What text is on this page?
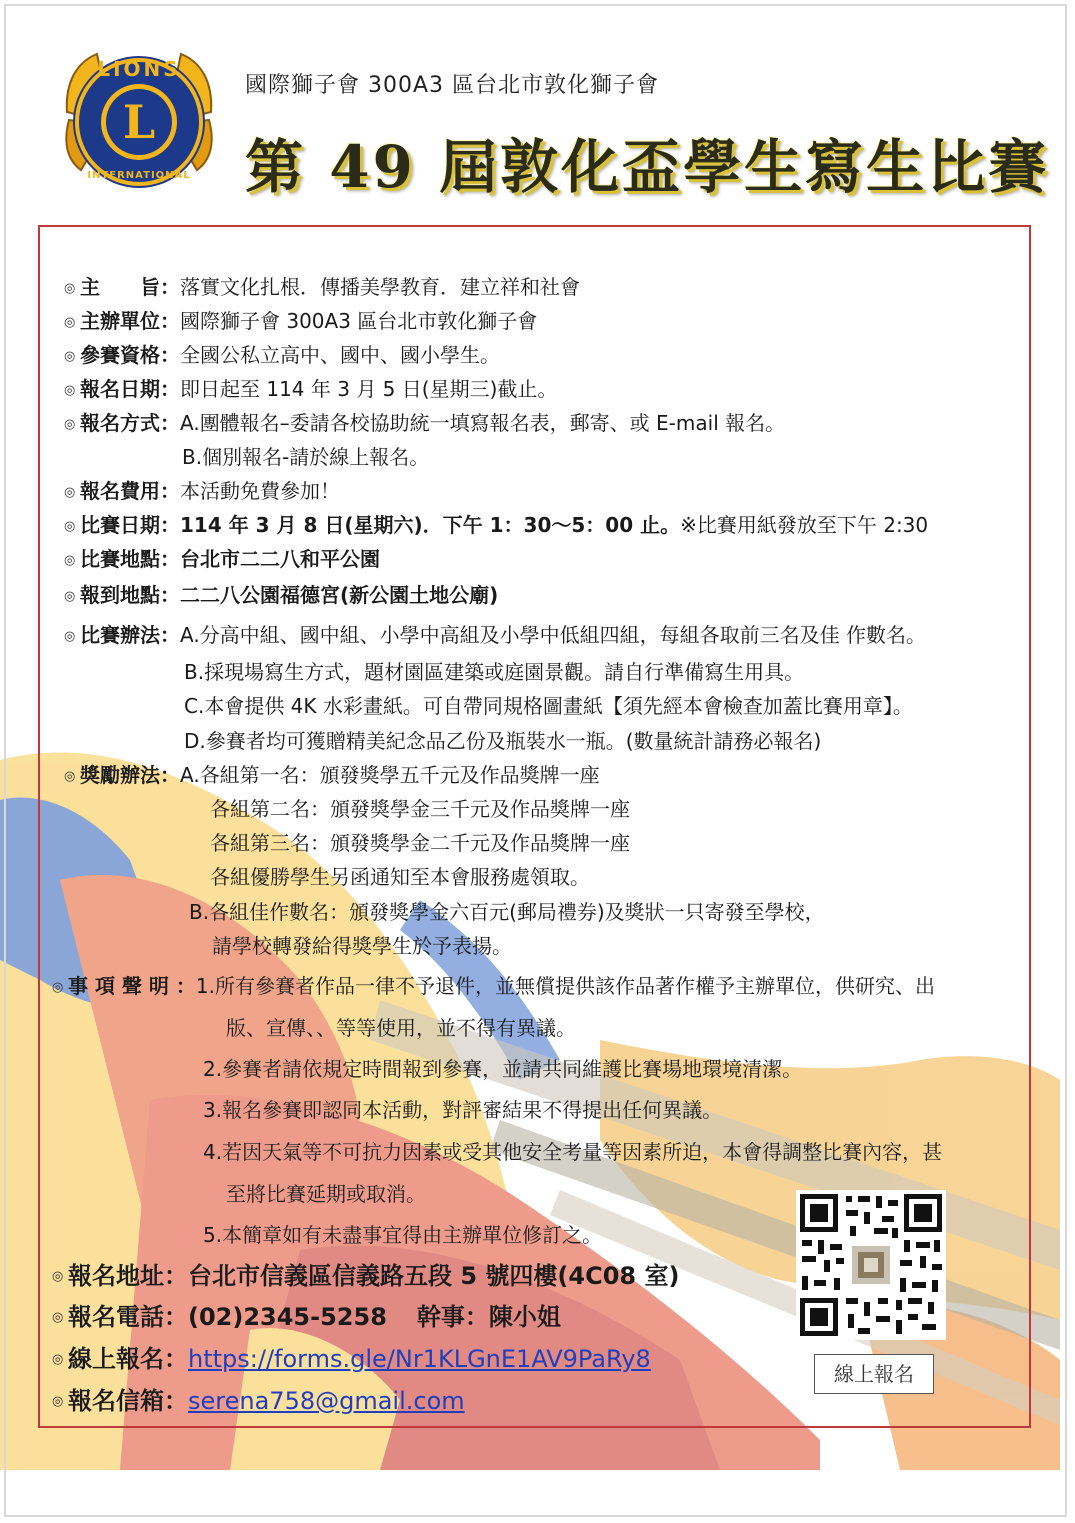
L
LIONS
INTERNATIONAL
國際獅子會 300A3 區台北市敦化獅子會
第 49 屆敦化盃學生寫生比賽
◎ 主　　旨：落實文化扎根．傳播美學教育．建立祥和社會
◎ 主辦單位：國際獅子會 300A3 區台北市敦化獅子會
◎ 參賽資格：全國公私立高中、國中、國小學生。
◎ 報名日期：即日起至 114 年 3 月 5 日(星期三)截止。
◎ 報名方式：A.團體報名–委請各校協助統一填寫報名表，郵寄、或 E-mail 報名。
B.個別報名-請於線上報名。
◎ 報名費用：本活動免費參加！
◎ 比賽日期：114 年 3 月 8 日(星期六)．下午 1：30～5：00 止。※比賽用紙發放至下午 2:30
◎ 比賽地點：台北市二二八和平公園
◎ 報到地點：二二八公園福德宮(新公園土地公廟)
◎ 比賽辦法：A.分高中組、國中組、小學中高組及小學中低組四組，每組各取前三名及佳 作數名。
B.採現場寫生方式，題材園區建築或庭園景觀。請自行準備寫生用具。
C.本會提供 4K 水彩畫紙。可自帶同規格圖畫紙【須先經本會檢查加蓋比賽用章】。
D.參賽者均可獲贈精美紀念品乙份及瓶裝水一瓶。(數量統計請務必報名)
◎ 獎勵辦法：A.各組第一名：頒發獎學五千元及作品獎牌一座
各組第二名：頒發獎學金三千元及作品獎牌一座
各組第三名：頒發獎學金二千元及作品獎牌一座
各組優勝學生另函通知至本會服務處領取。
B.各組佳作數名：頒發獎學金六百元(郵局禮券)及獎狀一只寄發至學校，
請學校轉發給得獎學生於予表揚。
◎ 事 項 聲 明 ：1.所有參賽者作品一律不予退件，並無償提供該作品著作權予主辦單位，供研究、出
版、宣傳、、等等使用，並不得有異議。
2.參賽者請依規定時間報到參賽，並請共同維護比賽場地環境清潔。
3.報名參賽即認同本活動，對評審結果不得提出任何異議。
4.若因天氣等不可抗力因素或受其他安全考量等因素所迫，本會得調整比賽內容，甚
至將比賽延期或取消。
5.本簡章如有未盡事宜得由主辦單位修訂之。
◎ 報名地址：台北市信義區信義路五段 5 號四樓(4C08 室)
◎ 報名電話：(02)2345-5258 幹事：陳小姐
◎ 線上報名：https://forms.gle/Nr1KLGnE1AV9PaRy8
◎ 報名信箱：serena758@gmail.com
線上報名
